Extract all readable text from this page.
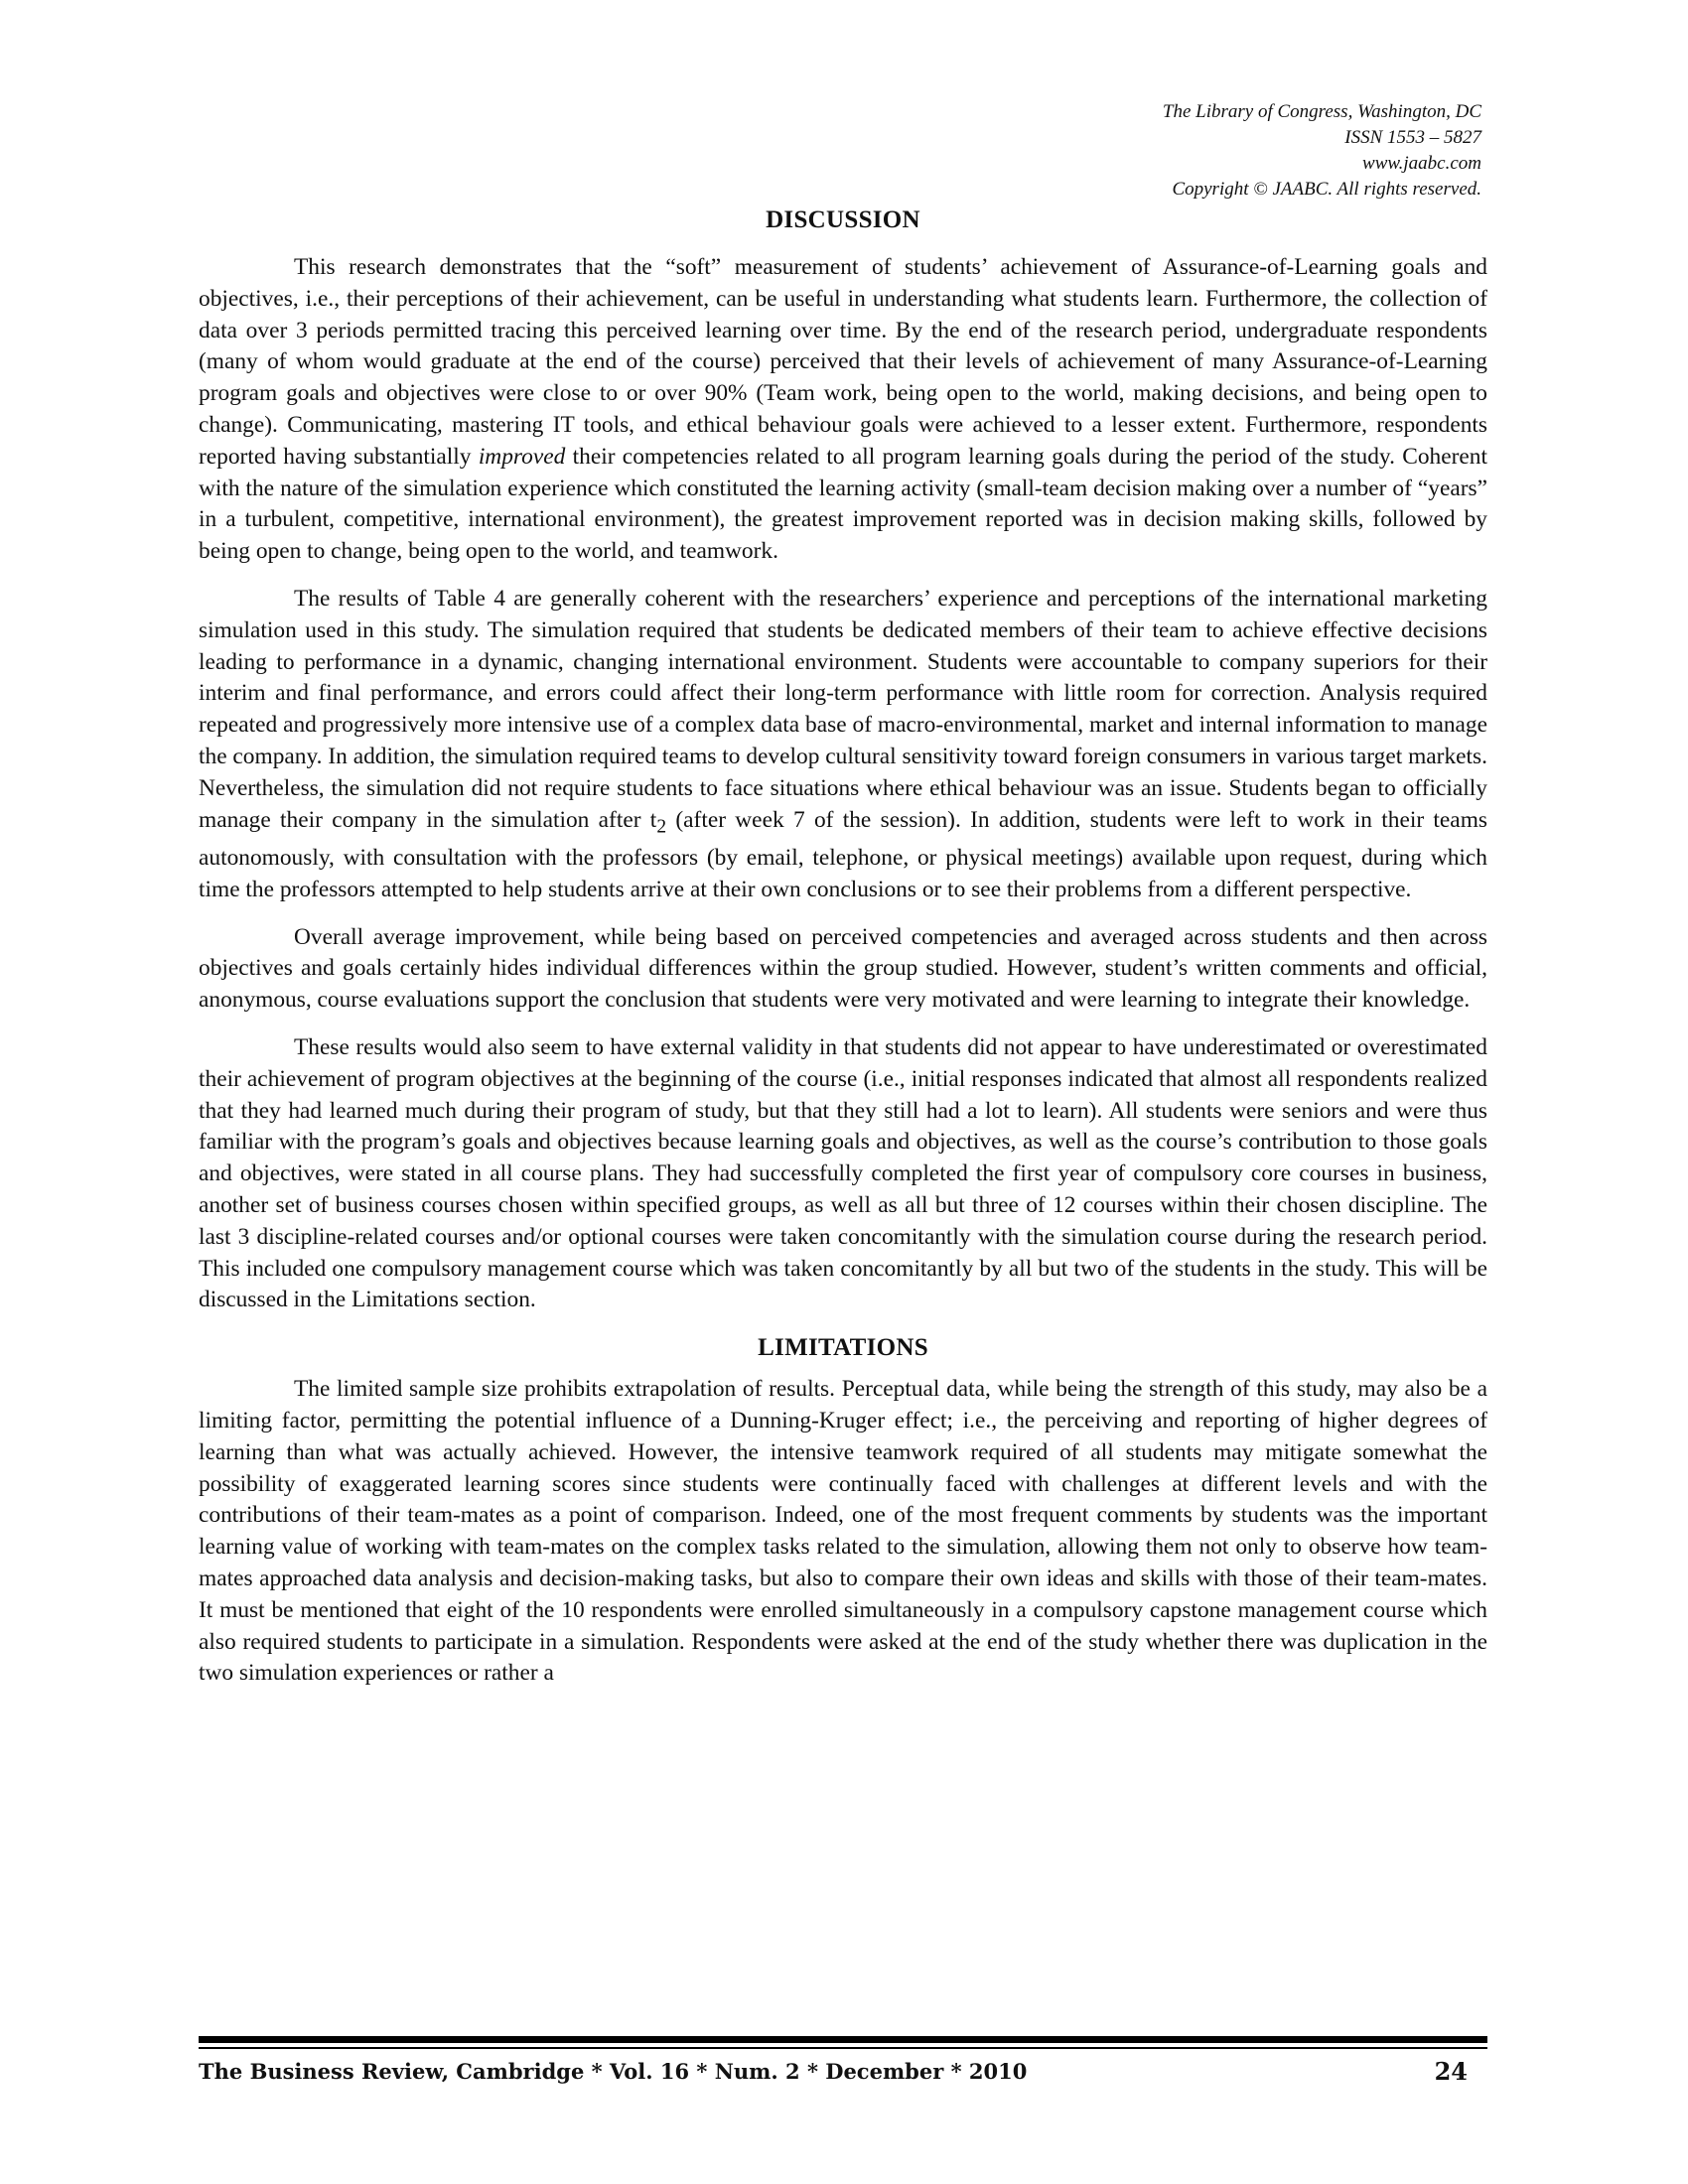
The Library of Congress, Washington, DC
ISSN 1553 – 5827
www.jaabc.com
Copyright © JAABC. All rights reserved.
DISCUSSION

This research demonstrates that the “soft” measurement of students’ achievement of Assurance-of-Learning goals and objectives, i.e., their perceptions of their achievement, can be useful in understanding what students learn. Furthermore, the collection of data over 3 periods permitted tracing this perceived learning over time. By the end of the research period, undergraduate respondents (many of whom would graduate at the end of the course) perceived that their levels of achievement of many Assurance-of-Learning program goals and objectives were close to or over 90% (Team work, being open to the world, making decisions, and being open to change). Communicating, mastering IT tools, and ethical behaviour goals were achieved to a lesser extent. Furthermore, respondents reported having substantially improved their competencies related to all program learning goals during the period of the study. Coherent with the nature of the simulation experience which constituted the learning activity (small-team decision making over a number of “years” in a turbulent, competitive, international environment), the greatest improvement reported was in decision making skills, followed by being open to change, being open to the world, and teamwork.

The results of Table 4 are generally coherent with the researchers’ experience and perceptions of the international marketing simulation used in this study. The simulation required that students be dedicated members of their team to achieve effective decisions leading to performance in a dynamic, changing international environment. Students were accountable to company superiors for their interim and final performance, and errors could affect their long-term performance with little room for correction. Analysis required repeated and progressively more intensive use of a complex data base of macro-environmental, market and internal information to manage the company. In addition, the simulation required teams to develop cultural sensitivity toward foreign consumers in various target markets. Nevertheless, the simulation did not require students to face situations where ethical behaviour was an issue. Students began to officially manage their company in the simulation after $t_2$ (after week 7 of the session). In addition, students were left to work in their teams autonomously, with consultation with the professors (by email, telephone, or physical meetings) available upon request, during which time the professors attempted to help students arrive at their own conclusions or to see their problems from a different perspective.

Overall average improvement, while being based on perceived competencies and averaged across students and then across objectives and goals certainly hides individual differences within the group studied. However, student’s written comments and official, anonymous, course evaluations support the conclusion that students were very motivated and were learning to integrate their knowledge.

These results would also seem to have external validity in that students did not appear to have underestimated or overestimated their achievement of program objectives at the beginning of the course (i.e., initial responses indicated that almost all respondents realized that they had learned much during their program of study, but that they still had a lot to learn). All students were seniors and were thus familiar with the program’s goals and objectives because learning goals and objectives, as well as the course’s contribution to those goals and objectives, were stated in all course plans. They had successfully completed the first year of compulsory core courses in business, another set of business courses chosen within specified groups, as well as all but three of 12 courses within their chosen discipline. The last 3 discipline-related courses and/or optional courses were taken concomitantly with the simulation course during the research period. This included one compulsory management course which was taken concomitantly by all but two of the students in the study. This will be discussed in the Limitations section.

LIMITATIONS

The limited sample size prohibits extrapolation of results. Perceptual data, while being the strength of this study, may also be a limiting factor, permitting the potential influence of a Dunning-Kruger effect; i.e., the perceiving and reporting of higher degrees of learning than what was actually achieved. However, the intensive teamwork required of all students may mitigate somewhat the possibility of exaggerated learning scores since students were continually faced with challenges at different levels and with the contributions of their team-mates as a point of comparison. Indeed, one of the most frequent comments by students was the important learning value of working with team-mates on the complex tasks related to the simulation, allowing them not only to observe how team-mates approached data analysis and decision-making tasks, but also to compare their own ideas and skills with those of their team-mates. It must be mentioned that eight of the 10 respondents were enrolled simultaneously in a compulsory capstone management course which also required students to participate in a simulation. Respondents were asked at the end of the study whether there was duplication in the two simulation experiences or rather a

The Business Review, Cambridge * Vol. 16 * Num. 2 * December * 2010	24
